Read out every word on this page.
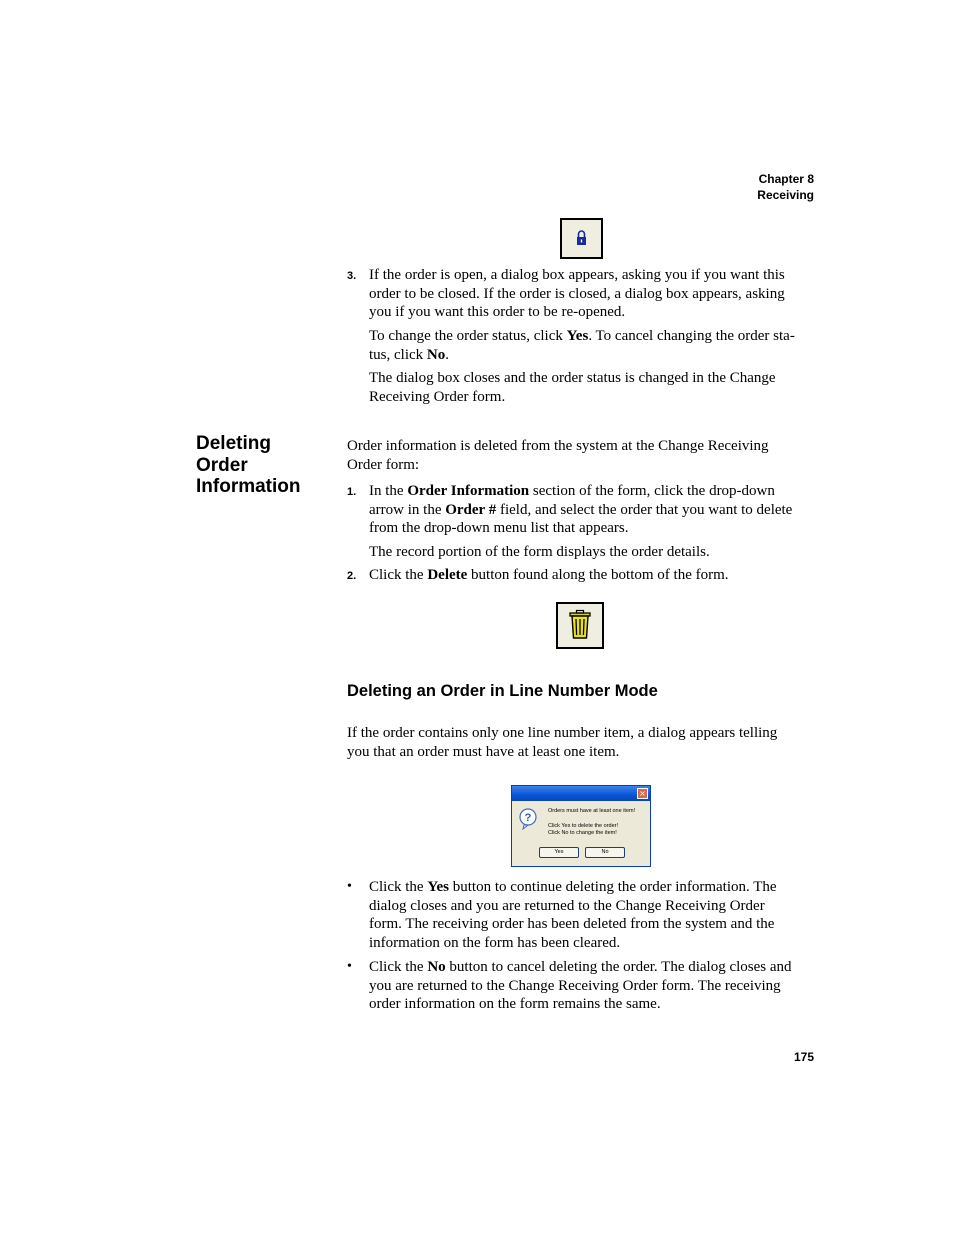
Chapter 8
Receiving
3. If the order is open, a dialog box appears, asking you if you want this
order to be closed. If the order is closed, a dialog box appears, asking
you if you want this order to be re-opened.
To change the order status, click Yes. To cancel changing the order sta-
tus, click No.
The dialog box closes and the order status is changed in the Change
Receiving Order form.
Deleting
Order
Information
Order information is deleted from the system at the Change Receiving
Order form:
1. In the Order Information section of the form, click the drop-down
arrow in the Order # field, and select the order that you want to delete
from the drop-down menu list that appears.
The record portion of the form displays the order details.
2. Click the Delete button found along the bottom of the form.
Deleting an Order in Line Number Mode
If the order contains only one line number item, a dialog appears telling
you that an order must have at least one item.
×
?
Orders must have at least one item!
Click Yes to delete the order!
Click No to change the item!
Yes	No
• Click the Yes button to continue deleting the order information. The
dialog closes and you are returned to the Change Receiving Order
form. The receiving order has been deleted from the system and the
information on the form has been cleared.
• Click the No button to cancel deleting the order. The dialog closes and
you are returned to the Change Receiving Order form. The receiving
order information on the form remains the same.
175
